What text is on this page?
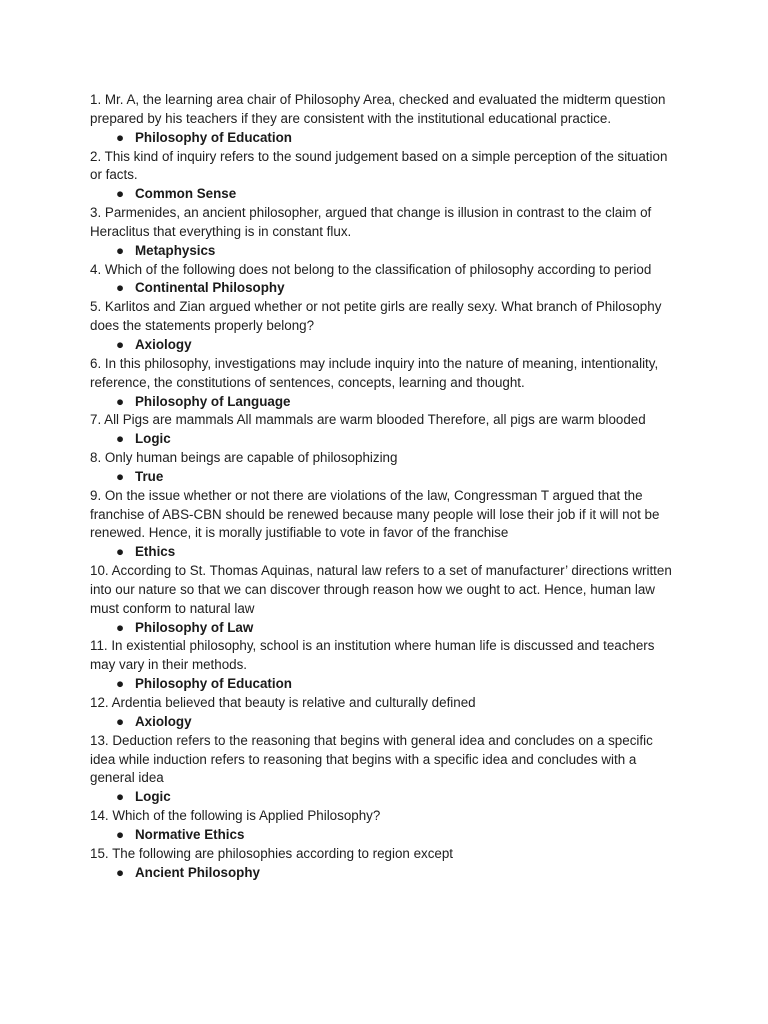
1. Mr. A, the learning area chair of Philosophy Area, checked and evaluated the midterm question prepared by his teachers if they are consistent with the institutional educational practice.

● Philosophy of Education

2. This kind of inquiry refers to the sound judgement based on a simple perception of the situation or facts.

● Common Sense

3. Parmenides, an ancient philosopher, argued that change is illusion in contrast to the claim of Heraclitus that everything is in constant flux.

● Metaphysics

4. Which of the following does not belong to the classification of philosophy according to period

● Continental Philosophy

5. Karlitos and Zian argued whether or not petite girls are really sexy. What branch of Philosophy does the statements properly belong?

● Axiology

6. In this philosophy, investigations may include inquiry into the nature of meaning, intentionality, reference, the constitutions of sentences, concepts, learning and thought.

● Philosophy of Language

7. All Pigs are mammals All mammals are warm blooded Therefore, all pigs are warm blooded

● Logic

8. Only human beings are capable of philosophizing

● True

9. On the issue whether or not there are violations of the law, Congressman T argued that the franchise of ABS-CBN should be renewed because many people will lose their job if it will not be renewed. Hence, it is morally justifiable to vote in favor of the franchise

● Ethics

10. According to St. Thomas Aquinas, natural law refers to a set of manufacturer’ directions written into our nature so that we can discover through reason how we ought to act. Hence, human law must conform to natural law

● Philosophy of Law

11. In existential philosophy, school is an institution where human life is discussed and teachers may vary in their methods.

● Philosophy of Education

12. Ardentia believed that beauty is relative and culturally defined

● Axiology

13. Deduction refers to the reasoning that begins with general idea and concludes on a specific idea while induction refers to reasoning that begins with a specific idea and concludes with a general idea

● Logic

14. Which of the following is Applied Philosophy?

● Normative Ethics

15. The following are philosophies according to region except

● Ancient Philosophy
